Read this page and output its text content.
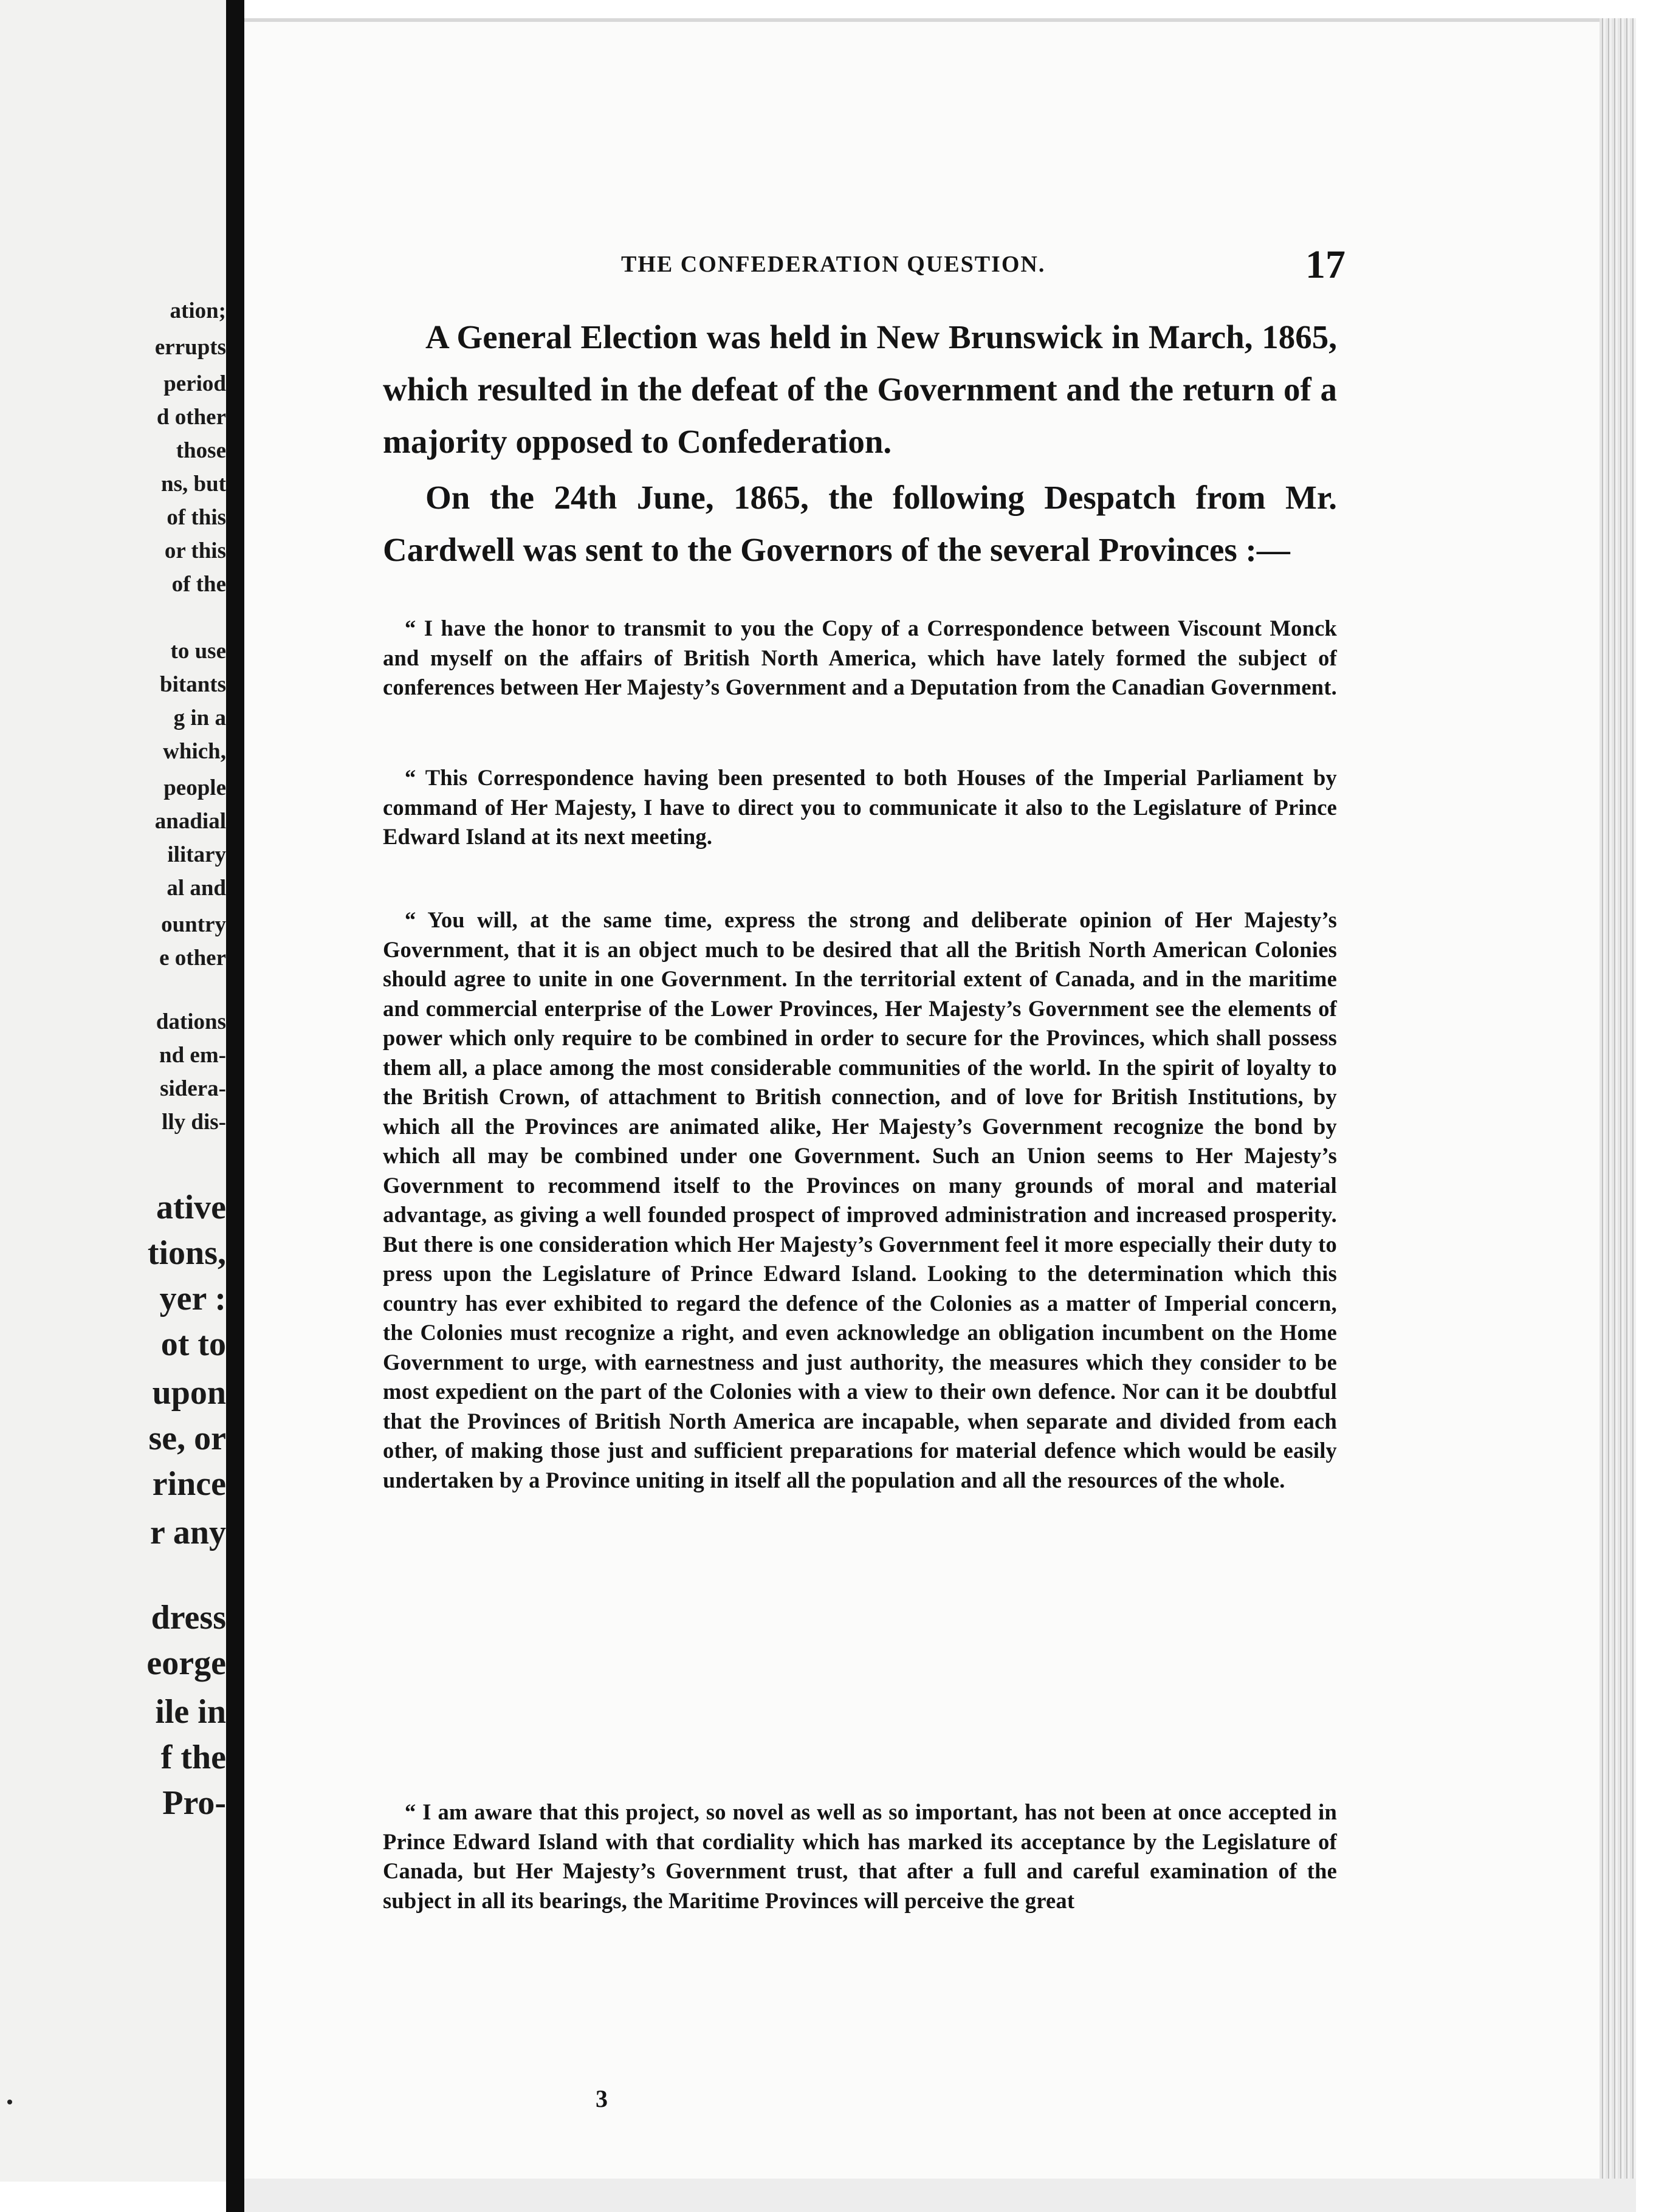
ation;
errupts
period
d other
those
ns, but
of this
or this
of the
to use
bitants
g in a
which,
people
anadial
ilitary
al and
ountry
e other
dations
nd em-
sidera-
lly dis-
ative
tions,
yer :
ot to
upon
se, or
rince
r any
dress
eorge
ile in
f the
Pro-
THE CONFEDERATION QUESTION.	17

A General Election was held in New Brunswick in March, 1865, which resulted in the defeat of the Government and the return of a majority opposed to Confederation.

On the 24th June, 1865, the following Despatch from Mr. Cardwell was sent to the Governors of the several Provinces :—

“ I have the honor to transmit to you the Copy of a Correspondence between Viscount Monck and myself on the affairs of British North America, which have lately formed the subject of conferences between Her Majesty’s Government and a Deputation from the Canadian Government.

“ This Correspondence having been presented to both Houses of the Imperial Parliament by command of Her Majesty, I have to direct you to communicate it also to the Legislature of Prince Edward Island at its next meeting.

“ You will, at the same time, express the strong and deliberate opinion of Her Majesty’s Government, that it is an object much to be desired that all the British North American Colonies should agree to unite in one Government. In the territorial extent of Canada, and in the maritime and commercial enterprise of the Lower Provinces, Her Majesty’s Government see the elements of power which only require to be combined in order to secure for the Provinces, which shall possess them all, a place among the most considerable communities of the world. In the spirit of loyalty to the British Crown, of attachment to British connection, and of love for British Institutions, by which all the Provinces are animated alike, Her Majesty’s Government recognize the bond by which all may be combined under one Government. Such an Union seems to Her Majesty’s Government to recommend itself to the Provinces on many grounds of moral and material advantage, as giving a well founded prospect of improved administration and increased prosperity. But there is one consideration which Her Majesty’s Government feel it more especially their duty to press upon the Legislature of Prince Edward Island. Looking to the determination which this country has ever exhibited to regard the defence of the Colonies as a matter of Imperial concern, the Colonies must recognize a right, and even acknowledge an obligation incumbent on the Home Government to urge, with earnestness and just authority, the measures which they consider to be most expedient on the part of the Colonies with a view to their own defence. Nor can it be doubtful that the Provinces of British North America are incapable, when separate and divided from each other, of making those just and sufficient preparations for material defence which would be easily undertaken by a Province uniting in itself all the population and all the resources of the whole.

“ I am aware that this project, so novel as well as so important, has not been at once accepted in Prince Edward Island with that cordiality which has marked its acceptance by the Legislature of Canada, but Her Majesty’s Government trust, that after a full and careful examination of the subject in all its bearings, the Maritime Provinces will perceive the great

3
